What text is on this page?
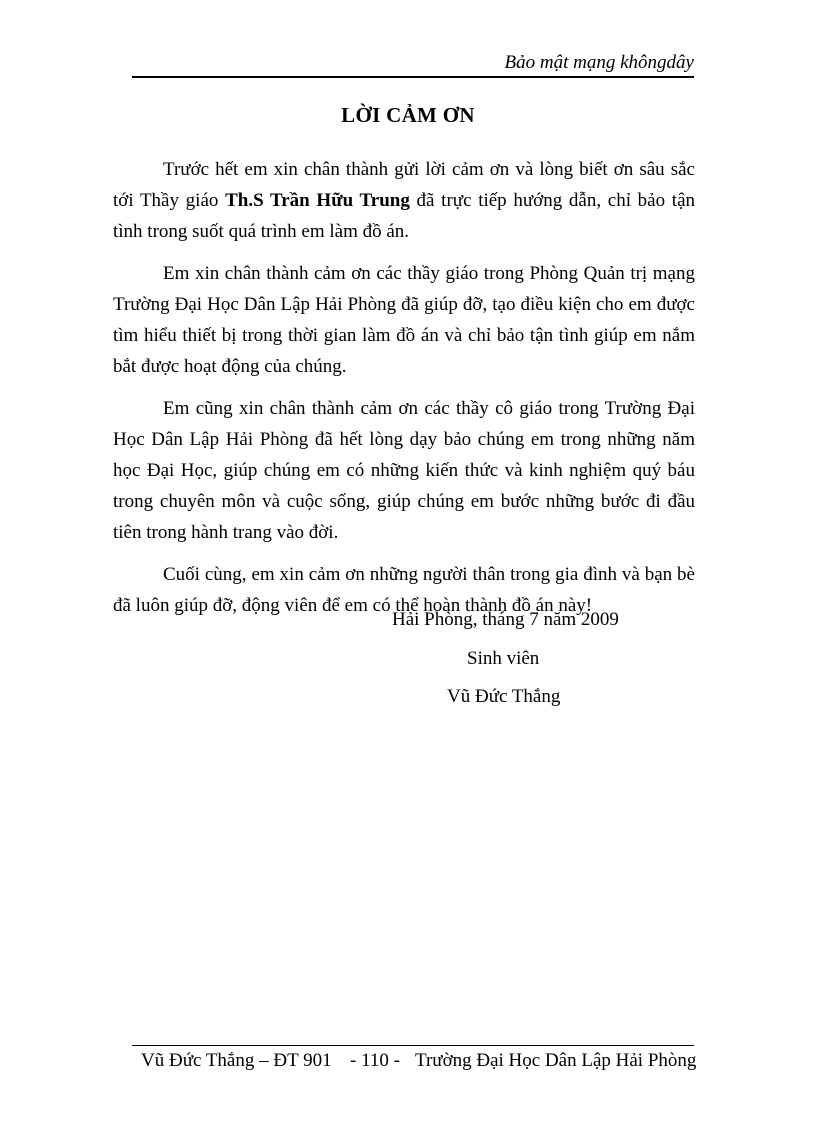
Bảo mật mạng khôngdây
LỜI CẢM ƠN

Trước hết em xin chân thành gửi lời cảm ơn và lòng biết ơn sâu sắc tới Thầy giáo Th.S Trần Hữu Trung đã trực tiếp hướng dẫn, chỉ bảo tận tình trong suốt quá trình em làm đồ án.

Em xin chân thành cảm ơn các thầy giáo trong Phòng Quản trị mạng Trường Đại Học Dân Lập Hải Phòng đã giúp đỡ, tạo điều kiện cho em được tìm hiểu thiết bị trong thời gian làm đồ án và chỉ bảo tận tình giúp em nắm bắt được hoạt động của chúng.

Em cũng xin chân thành cảm ơn các thầy cô giáo trong Trường Đại Học Dân Lập Hải Phòng đã hết lòng dạy bảo chúng em trong những năm học Đại Học, giúp chúng em có những kiến thức và kinh nghiệm quý báu trong chuyên môn và cuộc sống, giúp chúng em bước những bước đi đầu tiên trong hành trang vào đời.

Cuối cùng, em xin cảm ơn những người thân trong gia đình và bạn bè đã luôn giúp đỡ, động viên để em có thể hoàn thành đồ án này!

Hải Phòng, tháng 7 năm 2009
Sinh viên
Vũ Đức Thắng
Vũ Đức Thắng – ĐT 901 - 110 - Trường Đại Học Dân Lập Hải Phòng
